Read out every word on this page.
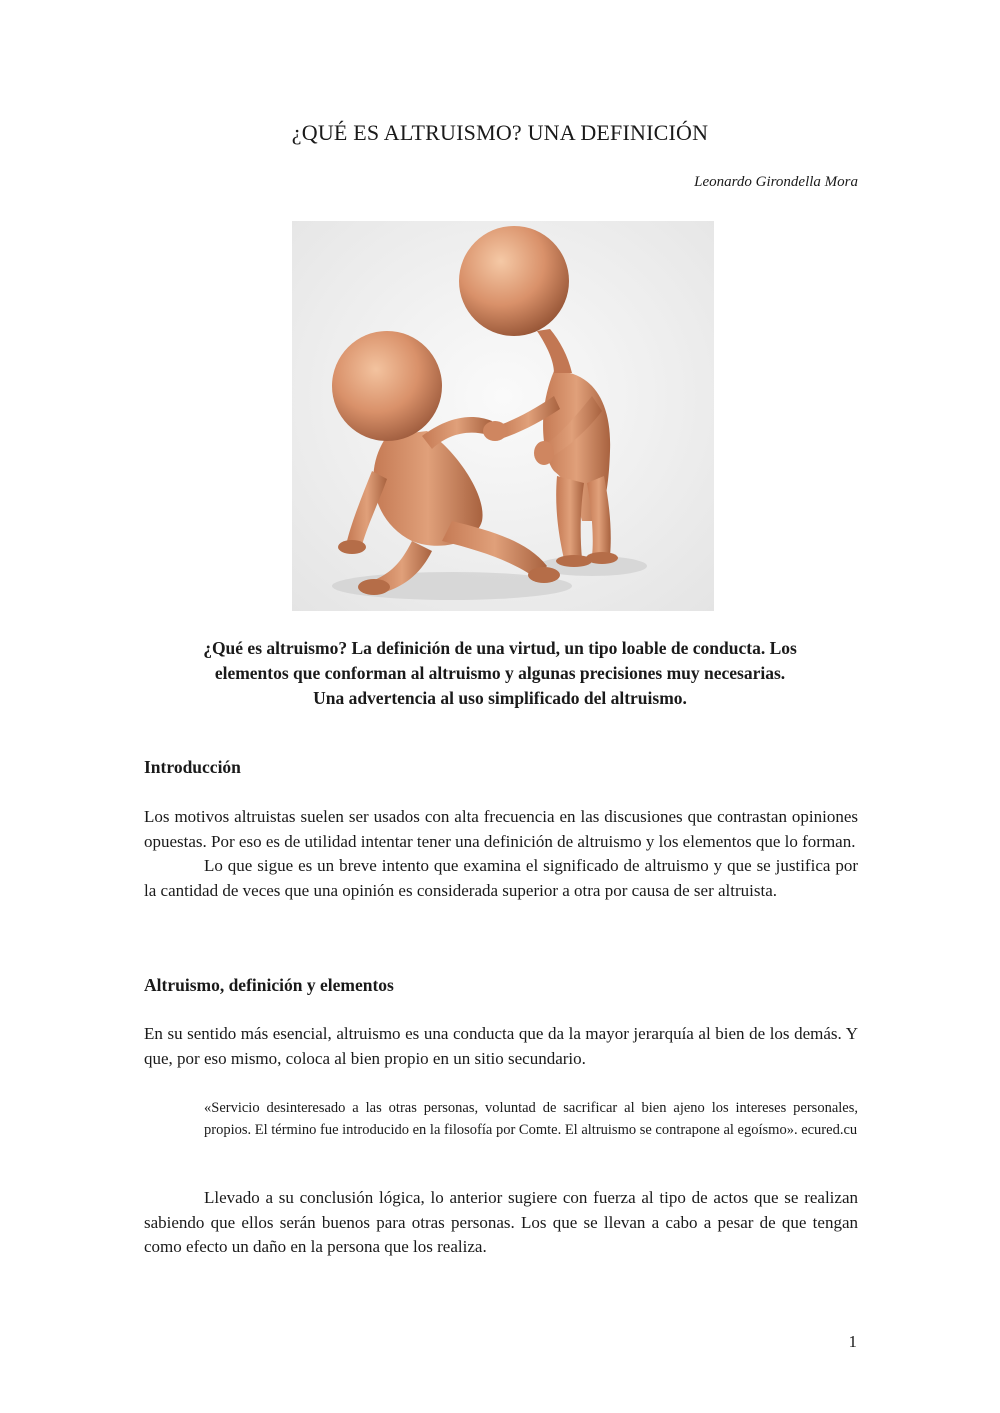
¿QUÉ ES ALTRUISMO? UNA DEFINICIÓN
Leonardo Girondella Mora
¿Qué es altruismo? La definición de una virtud, un tipo loable de conducta. Los
elementos que conforman al altruismo y algunas precisiones muy necesarias.
Una advertencia al uso simplificado del altruismo.
Introducción
Los motivos altruistas suelen ser usados con alta frecuencia en las discusiones que contrastan opiniones opuestas. Por eso es de utilidad intentar tener una definición de altruismo y los elementos que lo forman.
Lo que sigue es un breve intento que examina el significado de altruismo y que se justifica por la cantidad de veces que una opinión es considerada superior a otra por causa de ser altruista.
Altruismo, definición y elementos
En su sentido más esencial, altruismo es una conducta que da la mayor jerarquía al bien de los demás. Y que, por eso mismo, coloca al bien propio en un sitio secundario.
«Servicio desinteresado a las otras personas, voluntad de sacrificar al bien ajeno los intereses personales, propios. El término fue introducido en la filosofía por Comte. El altruismo se contrapone al egoísmo». ecured.cu
Llevado a su conclusión lógica, lo anterior sugiere con fuerza al tipo de actos que se realizan sabiendo que ellos serán buenos para otras personas. Los que se llevan a cabo a pesar de que tengan como efecto un daño en la persona que los realiza.
1
